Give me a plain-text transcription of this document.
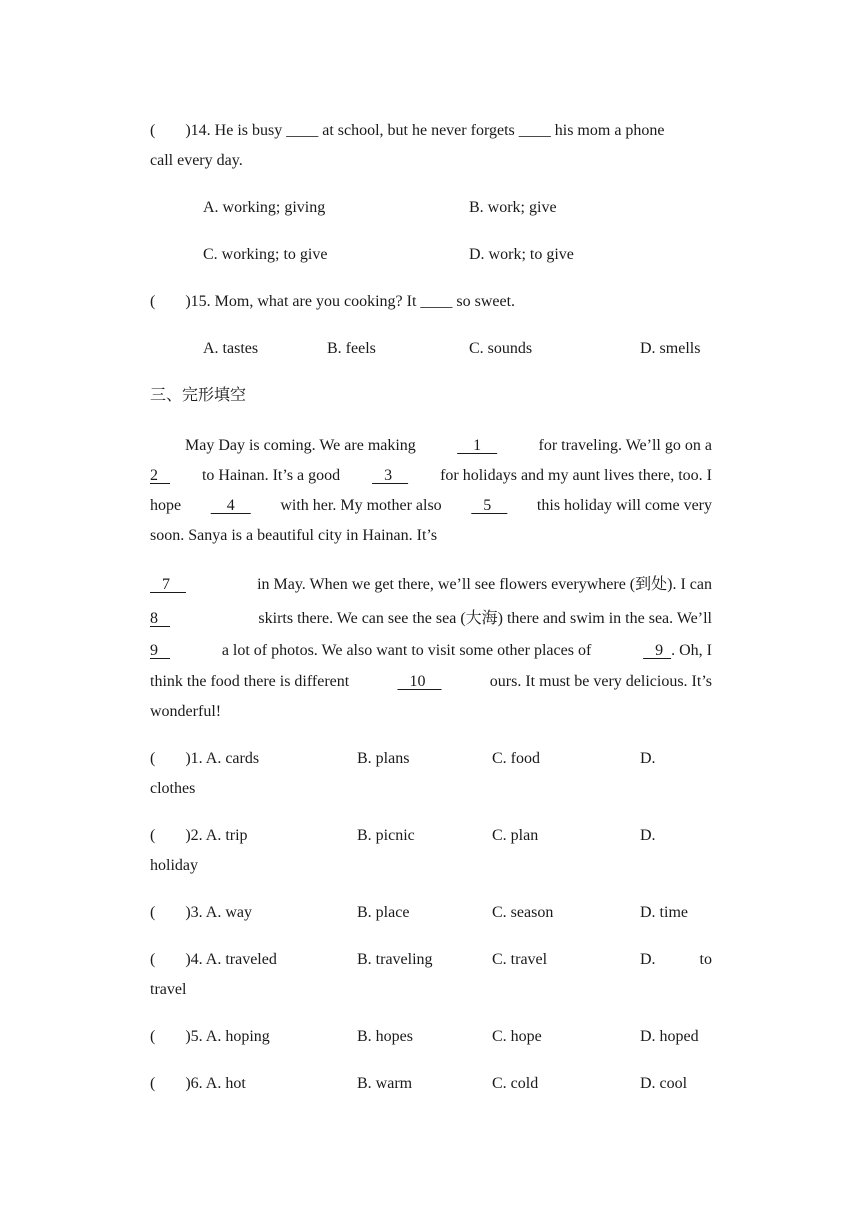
( )14. He is busy ____ at school, but he never forgets ____ his mom a phone
call every day.
A. working; giving	B. work; give
C. working; to give	D. work; to give
( )15. Mom, what are you cooking? It ____ so sweet.
A. tastes	B. feels	C. sounds	D. smells
三、完形填空
May Day is coming. We are making	1	for traveling. We’ll go on a
2 to Hainan. It’s a good 3 for holidays and my aunt lives there, too. I
hope 4 with her. My mother also 5 this holiday will come very
soon. Sanya is a beautiful city in Hainan. It’s
7	in May. When we get there, we’ll see flowers everywhere (到处). I can
8	skirts there. We can see the sea (大海) there and swim in the sea. We’ll
9	a lot of photos. We also want to visit some other places of	9  . Oh, I
think the food there is different	10	ours. It must be very delicious. It’s
wonderful!
( )1. A. cards	B. plans	C. food	D.
clothes
( )2. A. trip	B. picnic	C. plan	D.
holiday
( )3. A. way	B. place	C. season	D. time
( )4. A. traveled	B. traveling	C. travel	D.	to
travel
( )5. A. hoping	B. hopes	C. hope	D. hoped
( )6. A. hot	B. warm	C. cold	D. cool
